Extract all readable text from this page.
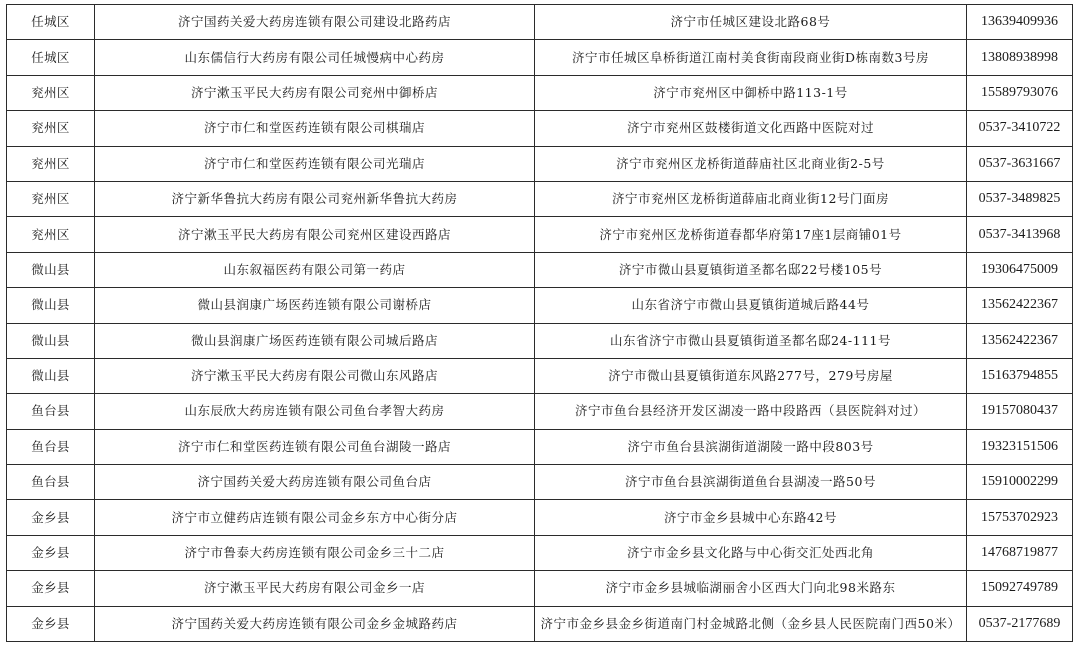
任城区	济宁国药关爱大药房连锁有限公司建设北路药店	济宁市任城区建设北路68号	13639409936
任城区	山东儒信行大药房有限公司任城慢病中心药房	济宁市任城区阜桥街道江南村美食街南段商业街D栋南数3号房	13808938998
兖州区	济宁漱玉平民大药房有限公司兖州中御桥店	济宁市兖州区中御桥中路113-1号	15589793076
兖州区	济宁市仁和堂医药连锁有限公司棋瑞店	济宁市兖州区鼓楼街道文化西路中医院对过	0537-3410722
兖州区	济宁市仁和堂医药连锁有限公司光瑞店	济宁市兖州区龙桥街道薛庙社区北商业街2-5号	0537-3631667
兖州区	济宁新华鲁抗大药房有限公司兖州新华鲁抗大药房	济宁市兖州区龙桥街道薛庙北商业街12号门面房	0537-3489825
兖州区	济宁漱玉平民大药房有限公司兖州区建设西路店	济宁市兖州区龙桥街道春都华府第17座1层商铺01号	0537-3413968
微山县	山东叙福医药有限公司第一药店	济宁市微山县夏镇街道圣都名邸22号楼105号	19306475009
微山县	微山县润康广场医药连锁有限公司谢桥店	山东省济宁市微山县夏镇街道城后路44号	13562422367
微山县	微山县润康广场医药连锁有限公司城后路店	山东省济宁市微山县夏镇街道圣都名邸24-111号	13562422367
微山县	济宁漱玉平民大药房有限公司微山东风路店	济宁市微山县夏镇街道东风路277号，279号房屋	15163794855
鱼台县	山东辰欣大药房连锁有限公司鱼台孝智大药房	济宁市鱼台县经济开发区湖凌一路中段路西（县医院斜对过）	19157080437
鱼台县	济宁市仁和堂医药连锁有限公司鱼台湖陵一路店	济宁市鱼台县滨湖街道湖陵一路中段803号	19323151506
鱼台县	济宁国药关爱大药房连锁有限公司鱼台店	济宁市鱼台县滨湖街道鱼台县湖凌一路50号	15910002299
金乡县	济宁市立健药店连锁有限公司金乡东方中心街分店	济宁市金乡县城中心东路42号	15753702923
金乡县	济宁市鲁泰大药房连锁有限公司金乡三十二店	济宁市金乡县文化路与中心街交汇处西北角	14768719877
金乡县	济宁漱玉平民大药房有限公司金乡一店	济宁市金乡县城临湖丽舍小区西大门向北98米路东	15092749789
金乡县	济宁国药关爱大药房连锁有限公司金乡金城路药店	济宁市金乡县金乡街道南门村金城路北侧（金乡县人民医院南门西50米）	0537-2177689
